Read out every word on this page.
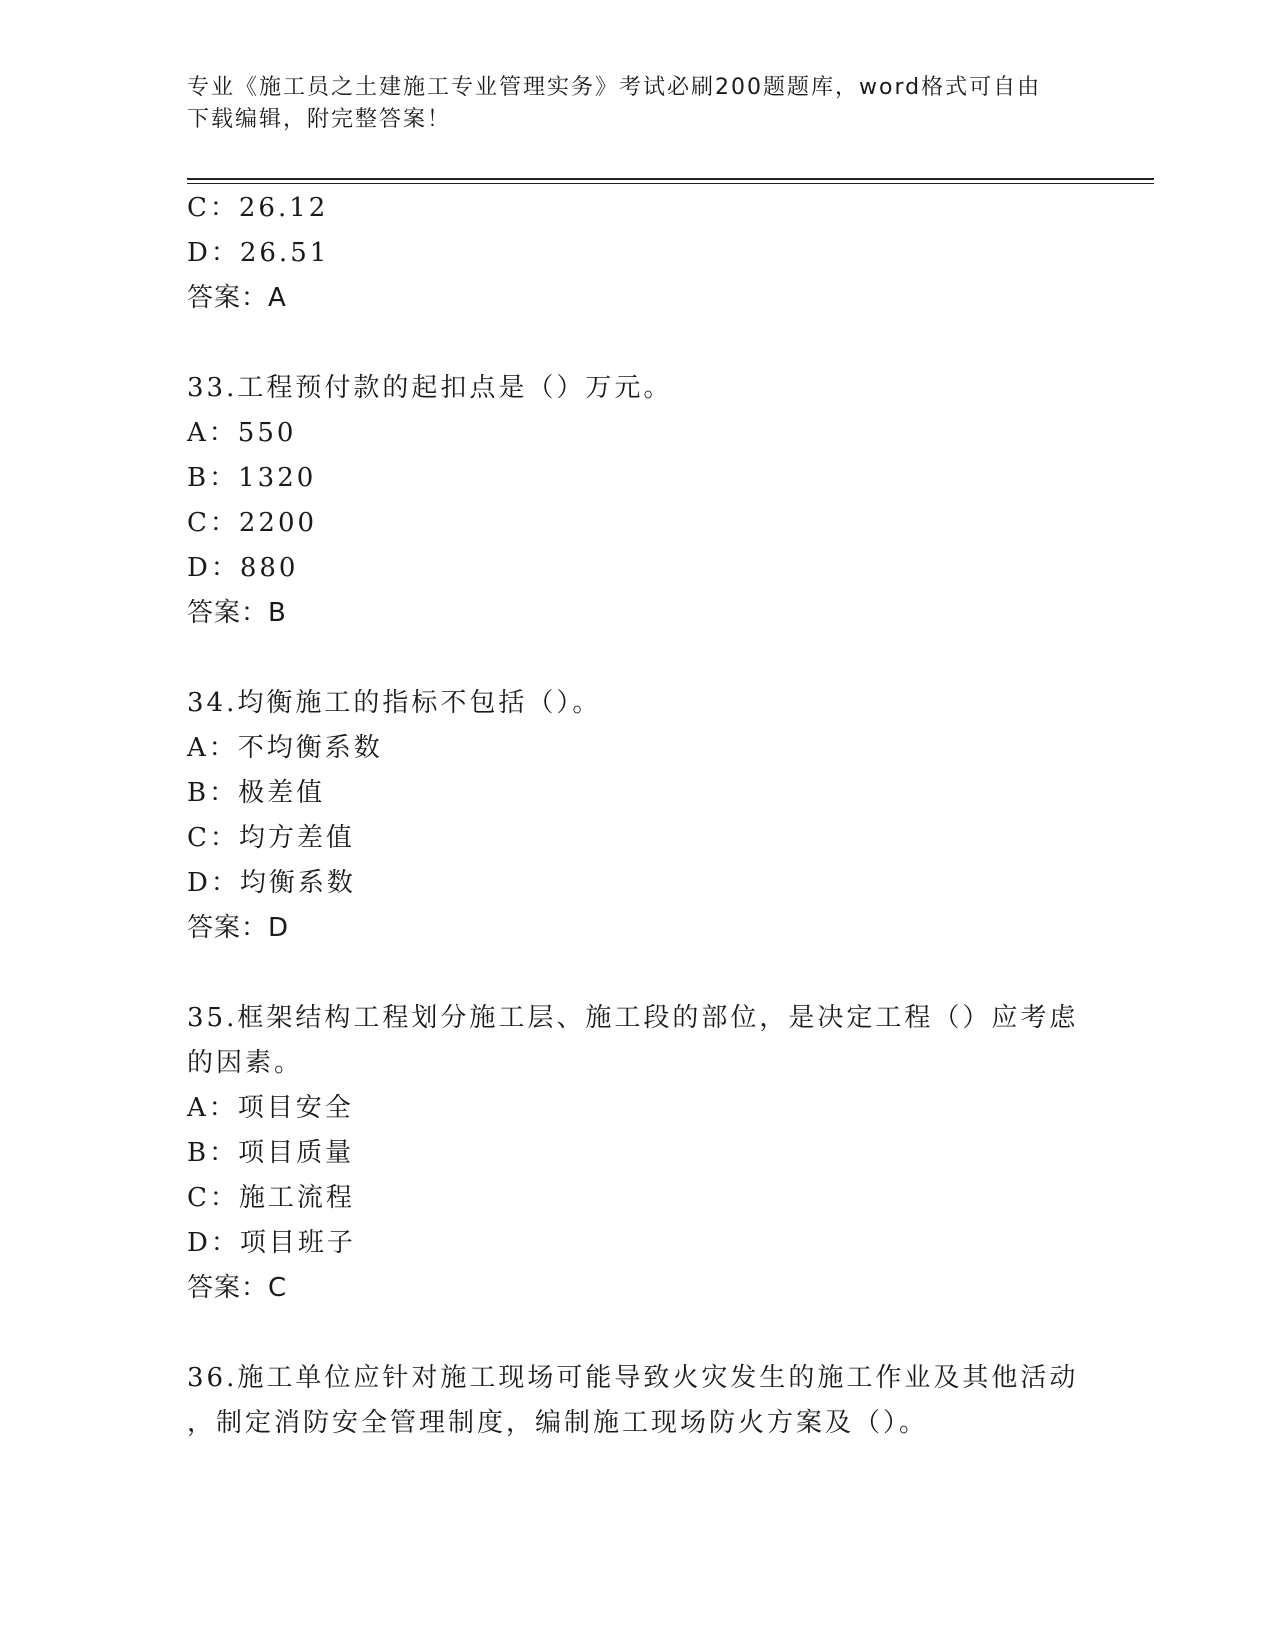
专业《施工员之土建施工专业管理实务》考试必刷200题题库，word格式可自由
下载编辑，附完整答案！
C：26.12
D：26.51
答案：A
33.工程预付款的起扣点是（）万元。
A：550
B：1320
C：2200
D：880
答案：B
34.均衡施工的指标不包括（）。
A：不均衡系数
B：极差值
C：均方差值
D：均衡系数
答案：D
35.框架结构工程划分施工层、施工段的部位，是决定工程（）应考虑
的因素。
A：项目安全
B：项目质量
C：施工流程
D：项目班子
答案：C
36.施工单位应针对施工现场可能导致火灾发生的施工作业及其他活动
，制定消防安全管理制度，编制施工现场防火方案及（）。
